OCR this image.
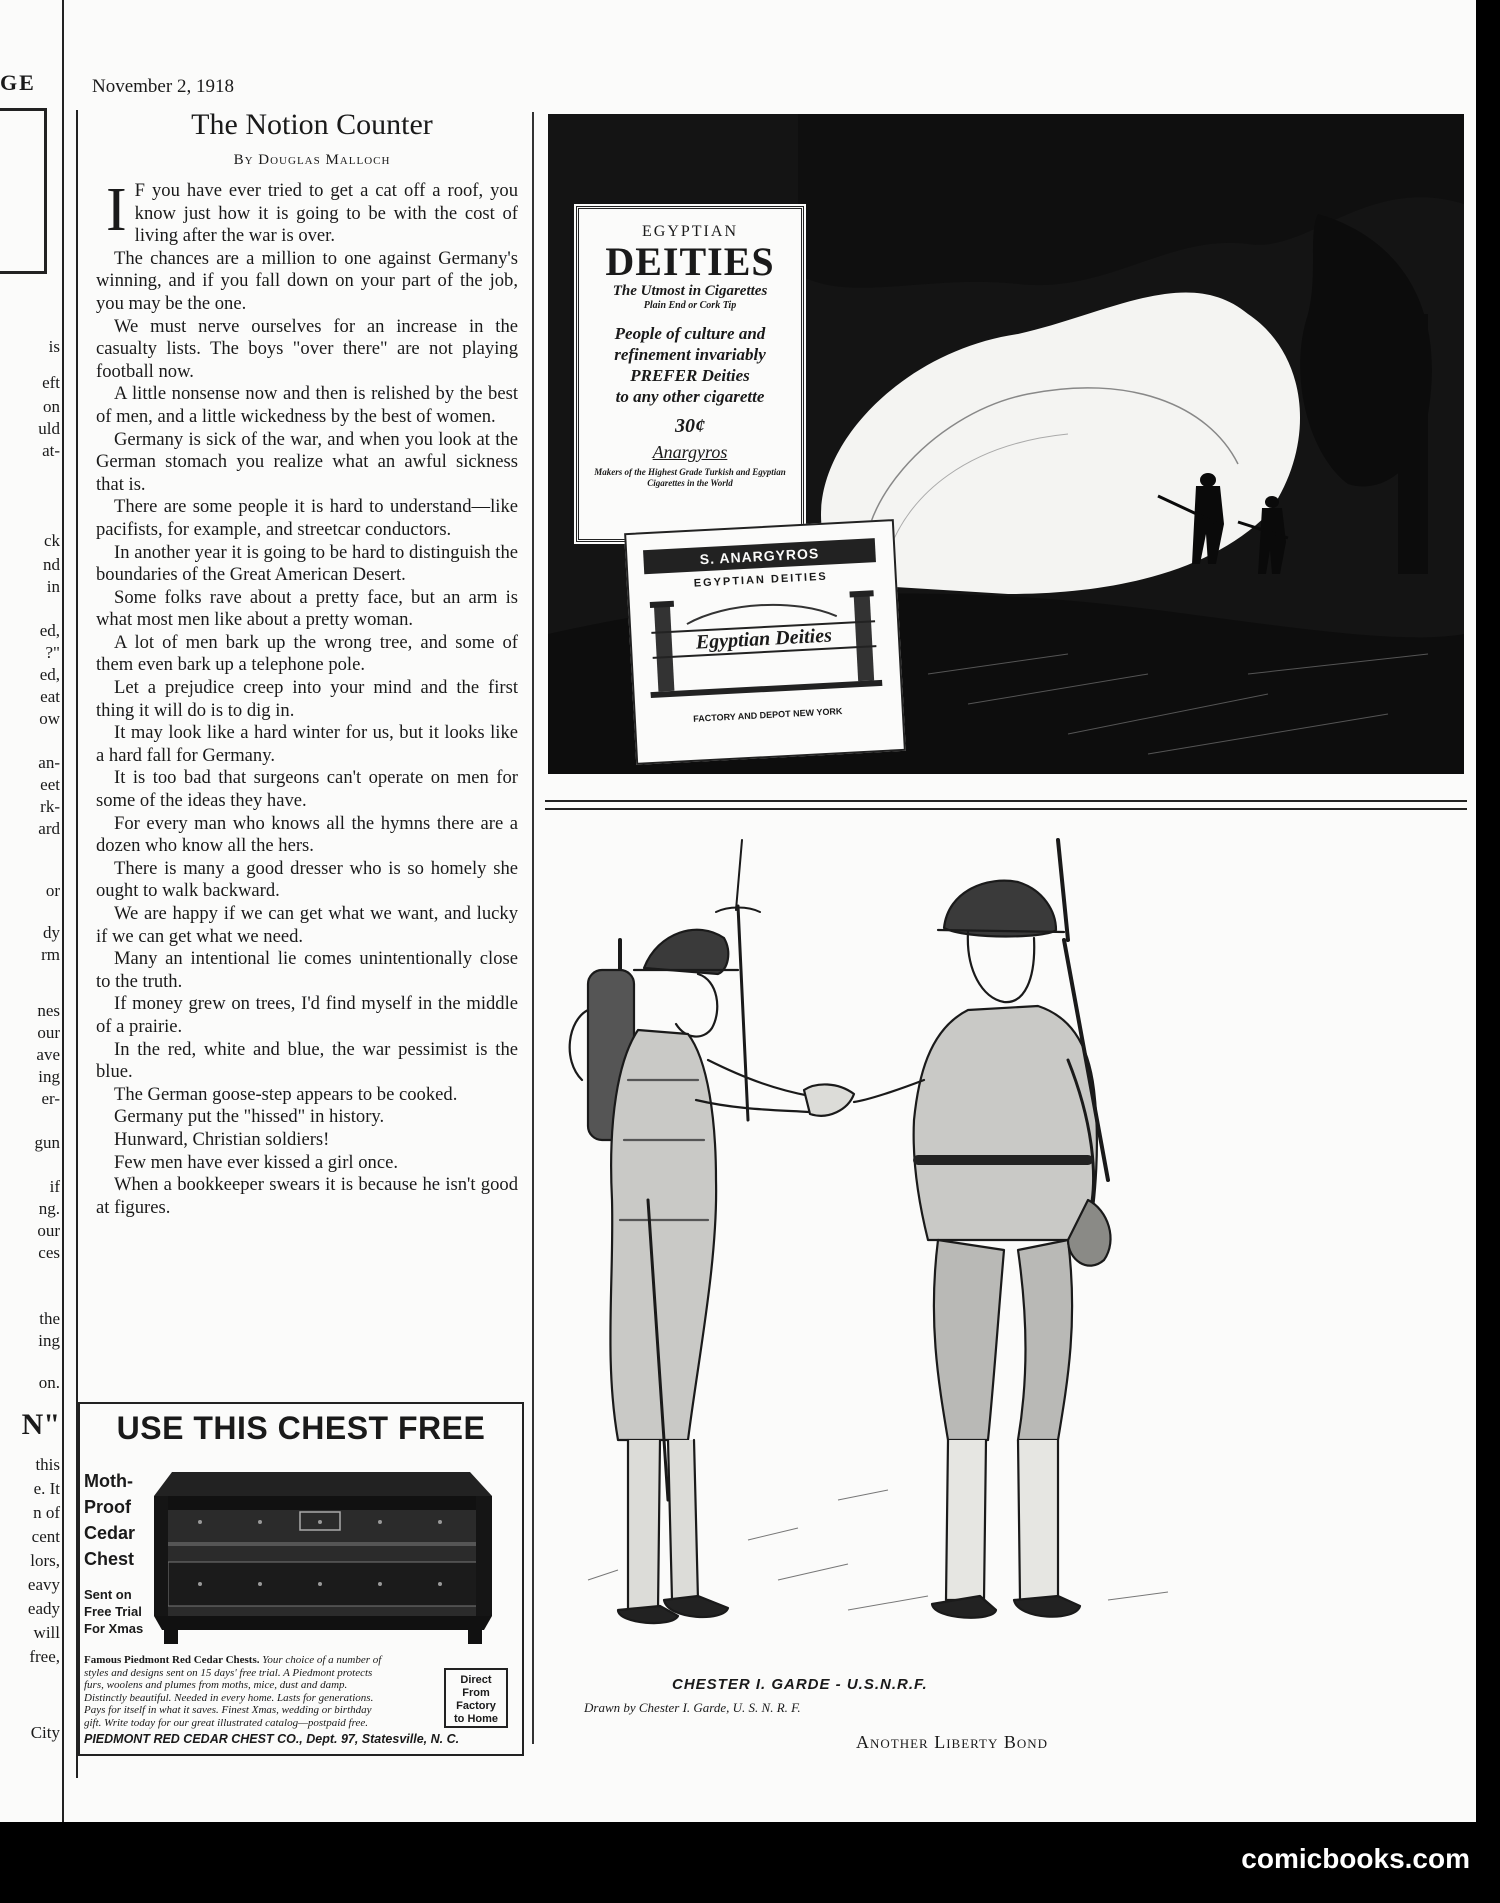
GE
is
eft
on
uld
at-
ck
nd
in
ed,
?"
ed,
eat
ow
an-
eet
rk-
ard
or
dy
rm
nes
our
ave
ing
er-
gun
if
ng.
our
ces
the
ing
on.
N"
this
e. It
n of
cent
lors,
eavy
eady
will
free,
City
November 2, 1918
The Notion Counter
By Douglas Malloch

I F you have ever tried to get a cat off a roof, you know just how it is going to be with the cost of living after the war is over.

The chances are a million to one against Germany's winning, and if you fall down on your part of the job, you may be the one.

We must nerve ourselves for an increase in the casualty lists. The boys "over there" are not playing football now.

A little nonsense now and then is relished by the best of men, and a little wickedness by the best of women.

Germany is sick of the war, and when you look at the German stomach you realize what an awful sickness that is.

There are some people it is hard to understand—like pacifists, for example, and streetcar conductors.

In another year it is going to be hard to distinguish the boundaries of the Great American Desert.

Some folks rave about a pretty face, but an arm is what most men like about a pretty woman.

A lot of men bark up the wrong tree, and some of them even bark up a telephone pole.

Let a prejudice creep into your mind and the first thing it will do is to dig in.

It may look like a hard winter for us, but it looks like a hard fall for Germany.

It is too bad that surgeons can't operate on men for some of the ideas they have.

For every man who knows all the hymns there are a dozen who know all the hers.

There is many a good dresser who is so homely she ought to walk backward.

We are happy if we can get what we want, and lucky if we can get what we need.

Many an intentional lie comes unintentionally close to the truth.

If money grew on trees, I'd find myself in the middle of a prairie.

In the red, white and blue, the war pessimist is the blue.

The German goose-step appears to be cooked.

Germany put the "hissed" in history.

Hunward, Christian soldiers!

Few men have ever kissed a girl once.

When a bookkeeper swears it is because he isn't good at figures.

USE THIS CHEST FREE
Moth-
Proof
Cedar
Chest
Sent on
Free Trial
For Xmas
Famous Piedmont Red Cedar Chests. Your choice of a number of styles and designs sent on 15 days' free trial. A Piedmont protects furs, woolens and plumes from moths, mice, dust and damp. Distinctly beautiful. Needed in every home. Lasts for generations. Pays for itself in what it saves. Finest Xmas, wedding or birthday gift. Write today for our great illustrated catalog—postpaid free.
Direct
From
Factory
to Home
PIEDMONT RED CEDAR CHEST CO., Dept. 97, Statesville, N. C.
EGYPTIAN
DEITIES
The Utmost in Cigarettes
Plain End or Cork Tip
People of culture and
refinement invariably
PREFER Deities
to any other cigarette
30¢
Anargyros
Makers of the Highest Grade Turkish and Egyptian Cigarettes in the World
S. ANARGYROS
EGYPTIAN DEITIES
Egyptian Deities
FACTORY AND DEPOT NEW YORK
CHESTER I. GARDE - U.S.N.R.F.
Drawn by Chester I. Garde, U. S. N. R. F.
Another Liberty Bond
comicbooks.com
